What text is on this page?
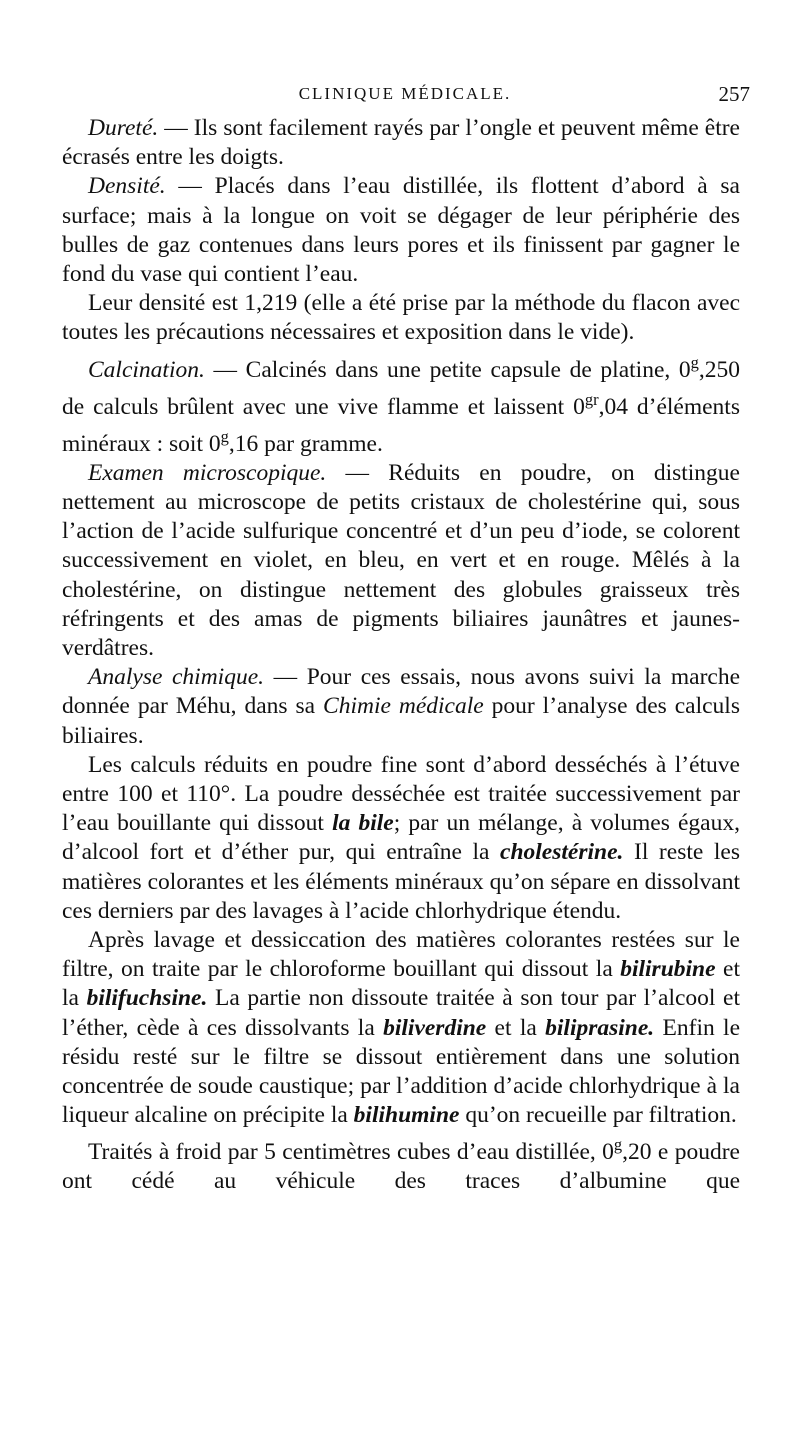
CLINIQUE MÉDICALE.	257

Dureté. — Ils sont facilement rayés par l’ongle et peuvent même être écrasés entre les doigts.

Densité. — Placés dans l’eau distillée, ils flottent d’abord à sa surface; mais à la longue on voit se dégager de leur périphérie des bulles de gaz contenues dans leurs pores et ils finissent par gagner le fond du vase qui contient l’eau.

Leur densité est 1,219 (elle a été prise par la méthode du flacon avec toutes les précautions nécessaires et exposition dans le vide).

Calcination. — Calcinés dans une petite capsule de platine, 0$^g$,250 de calculs brûlent avec une vive flamme et laissent $0^{gr},04$ d’éléments minéraux : soit 0$^g$,16 par gramme.

Examen microscopique. — Réduits en poudre, on distingue nettement au microscope de petits cristaux de cholestérine qui, sous l’action de l’acide sulfurique concentré et d’un peu d’iode, se colorent successivement en violet, en bleu, en vert et en rouge. Mêlés à la cholestérine, on distingue nettement des globules graisseux très réfringents et des amas de pigments biliaires jaunâtres et jaunes-verdâtres.

Analyse chimique. — Pour ces essais, nous avons suivi la marche donnée par Méhu, dans sa Chimie médicale pour l’analyse des calculs biliaires.

Les calculs réduits en poudre fine sont d’abord desséchés à l’étuve entre 100 et 110°. La poudre desséchée est traitée successivement par l’eau bouillante qui dissout la bile; par un mélange, à volumes égaux, d’alcool fort et d’éther pur, qui entraîne la cholestérine. Il reste les matières colorantes et les éléments minéraux qu’on sépare en dissolvant ces derniers par des lavages à l’acide chlorhydrique étendu.

Après lavage et dessiccation des matières colorantes restées sur le filtre, on traite par le chloroforme bouillant qui dissout la bilirubine et la bilifuchsine. La partie non dissoute traitée à son tour par l’alcool et l’éther, cède à ces dissolvants la biliverdine et la biliprasine. Enfin le résidu resté sur le filtre se dissout entièrement dans une solution concentrée de soude caustique; par l’addition d’acide chlorhydrique à la liqueur alcaline on précipite la bilihumine qu’on recueille par filtration.

Traités à froid par 5 centimètres cubes d’eau distillée, 0$^g$,20 e poudre ont cédé au véhicule des traces d’albumine que
